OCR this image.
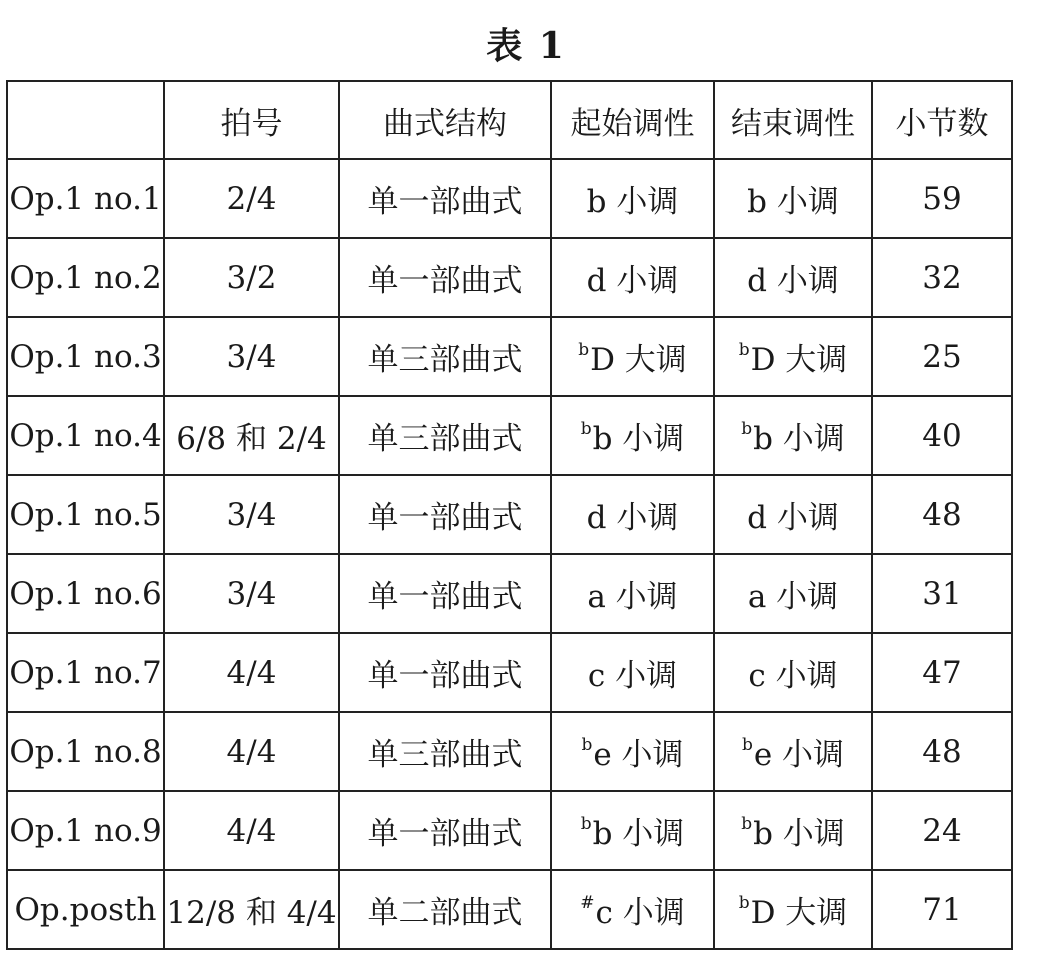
表 1
	拍号	曲式结构	起始调性	结束调性	小节数
Op.1 no.1	2/4	单一部曲式	b 小调	b 小调	59
Op.1 no.2	3/2	单一部曲式	d 小调	d 小调	32
Op.1 no.3	3/4	单三部曲式	$^b$D 大调	$^b$D 大调	25
Op.1 no.4	6/8 和 2/4	单三部曲式	$^b$b 小调	$^b$b 小调	40
Op.1 no.5	3/4	单一部曲式	d 小调	d 小调	48
Op.1 no.6	3/4	单一部曲式	a 小调	a 小调	31
Op.1 no.7	4/4	单一部曲式	c 小调	c 小调	47
Op.1 no.8	4/4	单三部曲式	$^b$e 小调	$^b$e 小调	48
Op.1 no.9	4/4	单一部曲式	$^b$b 小调	$^b$b 小调	24
Op.posth	12/8 和 4/4	单二部曲式	#c 小调	$^b$D 大调	71
